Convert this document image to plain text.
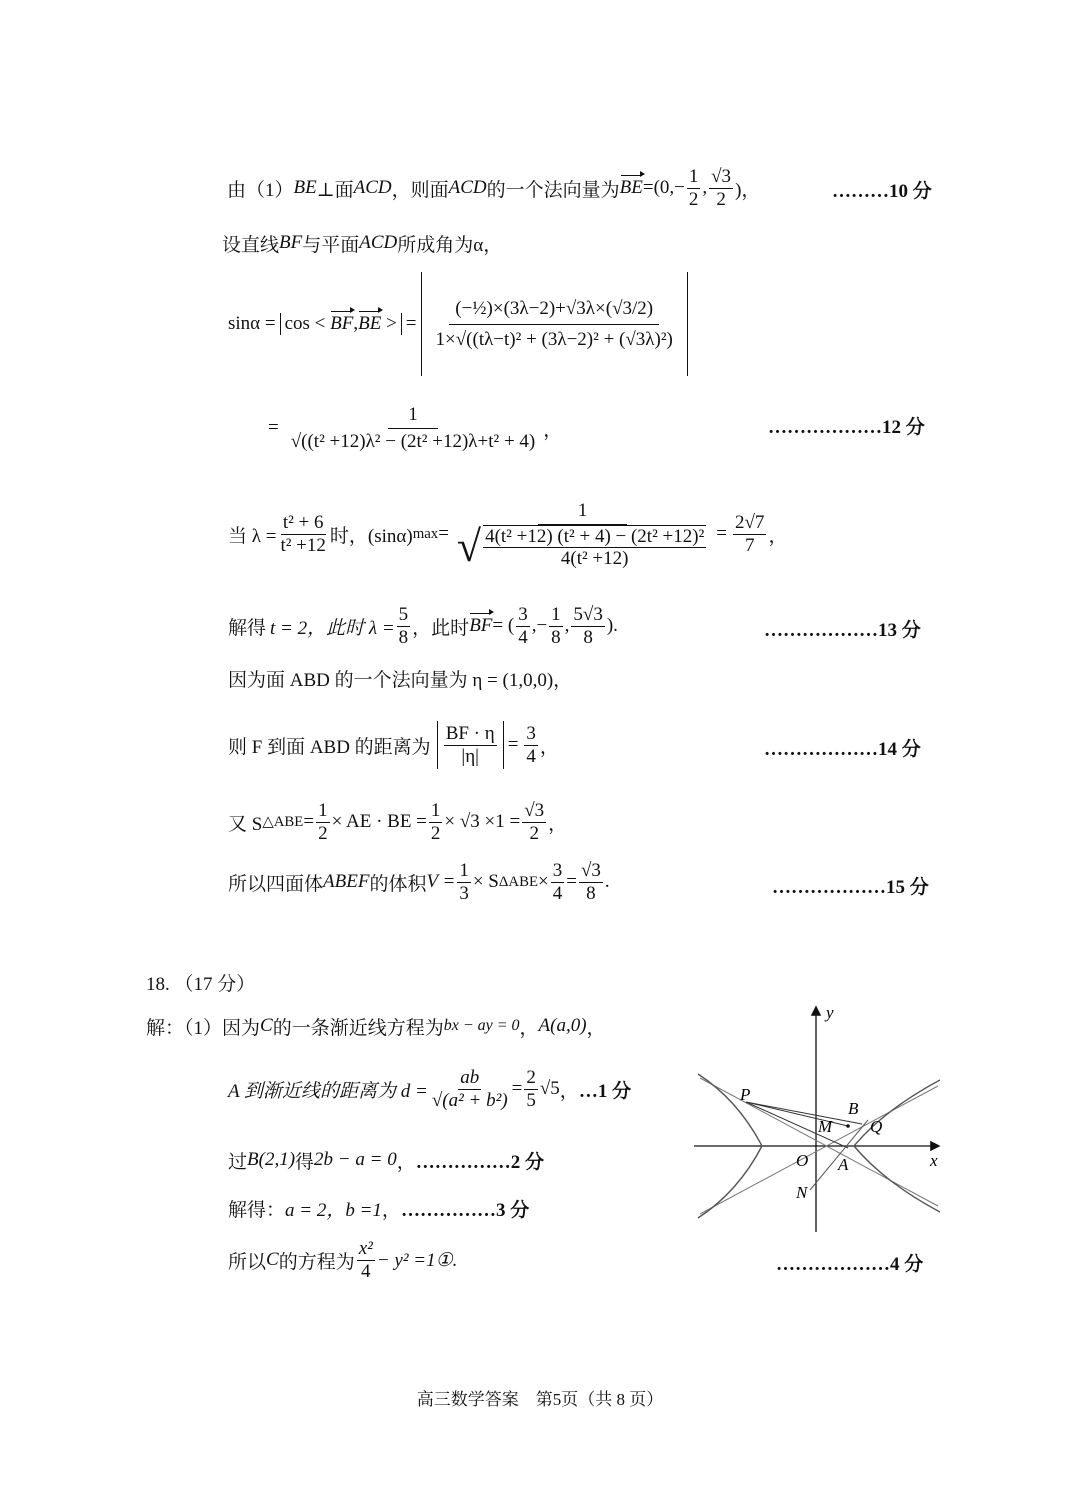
由（1） BE ⊥面 ACD ，则面 ACD 的一个法向量为 BE $=(0,- \frac{1}{2}$ , $\frac{√3}{2}$ )，	………10 分
设直线 BF 与平面 ACD 所成角为α，
sinα = cos < BF,BE > = $\frac{\text{(−½)×(3λ−2)+√3λ×(√3/2)}}{\text{1×√((tλ−t)² + (3λ−2)² + (√3λ)²)}}$
= $\frac{1}{\text{√((t² +12)λ² − (2t² +12)λ+t² + 4)}}$ ，	………………12 分
当 $\lambda = \frac{\text{t² + 6}}{\text{t² +12}}$ 时，(sinα) max =
1
√ $\frac{\text{4(t² +12) (t² + 4) − (2t² +12)²}}{\text{4(t² +12)}} = \frac{2√7}{7}$ ，
解得 t = 2，此时 $\lambda = \frac{5}{8}$ ，此时 BF = ( $\frac{3}{4}$ ,− $\frac{1}{8}$ , $\frac{5√3}{8}$ ).	………………13 分
因为面 ABD 的一个法向量为 η = (1,0,0)，
则 F 到面 ABD 的距离为 $\frac{BF \cdot \eta}{|\eta|} = \frac{3}{4}$ ，	………………14 分
又 S △ABE = $\frac{1}{2}$ × AE · BE = $\frac{1}{2} \times √3 \times 1 = \frac{√3}{2}$ ，
所以四面体 ABEF 的体积 $V = \frac{1}{3} \times S$ $\Delta ABE \times \frac{3}{4} = \frac{√3}{8}$ .	………………15 分
18. （17 分）
解：（1）因为 C 的一条渐近线方程为 bx − ay = 0 ， A(a,0) ，
A 到渐近线的距离为 $d = \frac{ab}{\text{√(a² + b²)}} = \frac{2}{5} √5$ ， …1 分
过 B(2,1) 得 2b − a = 0 ， ……………2 分
解得： a = 2，b =1 ， ……………3 分
所以 C 的方程为 $\frac{\text{x²}}{4} - y^2$ =1①.	………………4 分
y
x
O
P
B
M Q
A
N
高三数学答案　第5页（共 8 页）
